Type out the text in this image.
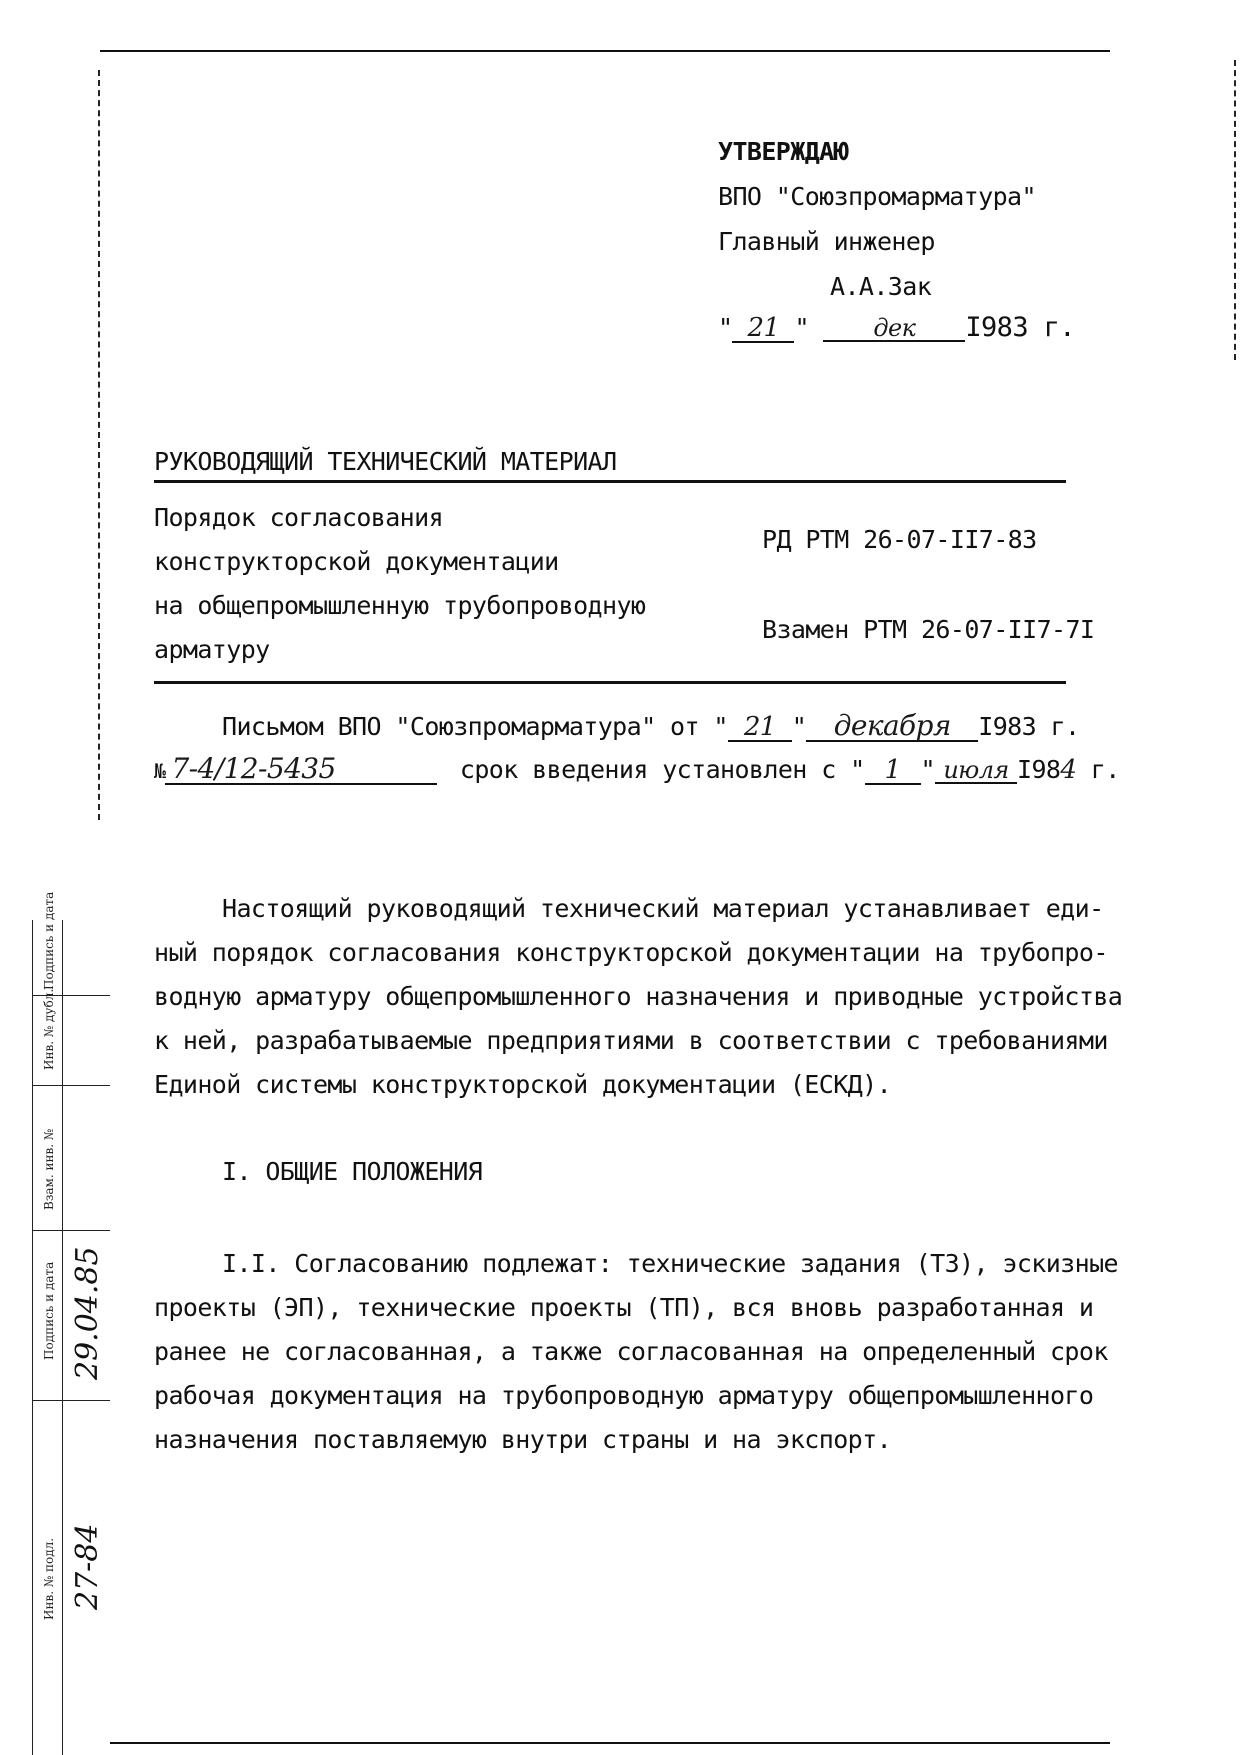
УТВЕРЖДАЮ
ВПО "Союзпромарматура"
Главный инженер
А.А.Зак
" 21 "	дек I983 г.
РУКОВОДЯЩИЙ ТЕХНИЧЕСКИЙ МАТЕРИАЛ
Порядок согласования
конструкторской документации
на общепромышленную трубопроводную
арматуру
РД РТМ 26-07-II7-83
Взамен РТМ 26-07-II7-7I
Письмом ВПО "Союзпромарматура" от " 21 " декабря I983 г.
№ 7-4/12-5435	срок введения установлен с " 1 " июля I984 г.
Настоящий руководящий технический материал устанавливает еди-
ный порядок согласования конструкторской документации на трубопро-
водную арматуру общепромышленного назначения и приводные устройства
к ней, разрабатываемые предприятиями в соответствии с требованиями
Единой системы конструкторской документации (ЕСКД).
I. ОБЩИЕ ПОЛОЖЕНИЯ
I.I. Согласованию подлежат: технические задания (ТЗ), эскизные
проекты (ЭП), технические проекты (ТП), вся вновь разработанная и
ранее не согласованная, а также согласованная на определенный срок
рабочая документация на трубопроводную арматуру общепромышленного
назначения поставляемую внутри страны и на экспорт.
Подпись и дата
Инв. № дубл.
Взам. инв. №
Подпись и дата
Инв. № подл.
29.04.85
27-84
